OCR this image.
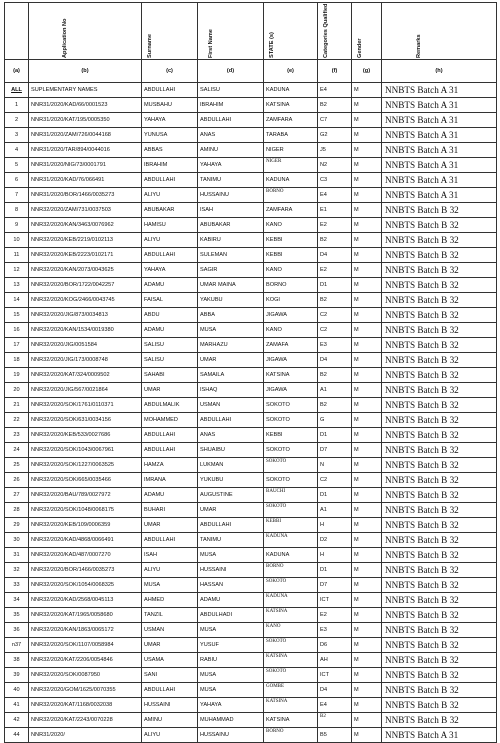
	Application No	Surname	First Name	STATE (s)	Categories Qualified	Gender	Remarks
(a)	(b)	(c)	(d)	(e)	(f)	(g)	(h)
ALL	SUPLEMENTARY NAMES	ABDULLAHI	SALISU	KADUNA	E4	M	NNBTS Batch A 31
1	NNR31/2020/KAD/66/0001523	MUSBAHU	IBRAHIM	KATSINA	B2	M	NNBTS Batch A 31
2	NNR31/2020/KAT/195/0005350	YAHAYA	ABDULLAHI	ZAMFARA	C7	M	NNBTS Batch A 31
3	NNR31/2020/ZAM/726/0044168	YUNUSA	ANAS	TARABA	G2	M	NNBTS Batch A 31
4	NNR31/2020/TAR/894/0044016	ABBAS	AMINU	NIGER	J5	M	NNBTS Batch A 31
5	NNR31/2020/NIG/73/0001791	IBRAHIM	YAHAYA	NIGER	N2	M	NNBTS Batch A 31
6	NNR31/2020/KAD/76/066491	ABDULLAHI	TANIMU	KADUNA	C3	M	NNBTS Batch A 31
7	NNR31/2020/BOR/1466/0035273	ALIYU	HUSSAINU	BORNO	E4	M	NNBTS Batch A 31
8	NNR32/2020/ZAM/731/0037503	ABUBAKAR	ISAH	ZAMFARA	E1	M	NNBTS Batch B 32
9	NNR32/2020/KAN/3463/0076962	HAMISU	ABUBAKAR	KANO	E2	M	NNBTS Batch B 32
10	NNR32/2020/KEB/2219/0102113	ALIYU	KABIRU	KEBBI	B2	M	NNBTS Batch B 32
11	NNR32/2020/KEB/2223/0102171	ABDULLAHI	SULEMAN	KEBBI	D4	M	NNBTS Batch B 32
12	NNR32/2020/KAN/2073/0043625	YAHAYA	SAGIR	KANO	E2	M	NNBTS Batch B 32
13	NNR32/2020/BOR/1722/0042257	ADAMU	UMAR MAINA	BORNO	D1	M	NNBTS Batch B 32
14	NNR32/2020/KOG/2466/0043745	FAISAL	YAKUBU	KOGI	B2	M	NNBTS Batch B 32
15	NNR32/2020/JIG/873/0034813	ABDU	ABBA	JIGAWA	C2	M	NNBTS Batch B 32
16	NNR32/2020/KAN/1534/0019380	ADAMU	MUSA	KANO	C2	M	NNBTS Batch B 32
17	NNR32/2020/JIG/0051584	SALISU	MARHAZU	ZAMAFA	E3	M	NNBTS Batch B 32
18	NNR32/2020/JIG/173/0008748	SALISU	UMAR	JIGAWA	D4	M	NNBTS Batch B 32
19	NNR32/2020/KAT/324/0009502	SAHABI	SAMAILA	KATSINA	B2	M	NNBTS Batch B 32
20	NNR32/2020/JIG/567/0021864	UMAR	ISHAQ	JIGAWA	A1	M	NNBTS Batch B 32
21	NNR32/2020/SOK/1761/0110371	ABDULMALIK	USMAN	SOKOTO	B2	M	NNBTS Batch B 32
22	NNR32/2020/SOK/631/0034156	MOHAMMED	ABDULLAHI	SOKOTO	G	M	NNBTS Batch B 32
23	NNR32/2020/KEB/533/0027686	ABDULLAHI	ANAS	KEBBI	D1	M	NNBTS Batch B 32
24	NNR32/2020/SOK/1043/0067961	ABDULLAHI	SHUAIBU	SOKOTO	D7	M	NNBTS Batch B 32
25	NNR32/2020/SOK/1227/0063525	HAMZA	LUKMAN	SOKOTO	N	M	NNBTS Batch B 32
26	NNR32/2020/SOK/665/0035466	IMRANA	YUKUBU	SOKOTO	C2	M	NNBTS Batch B 32
27	NNR32/2020/BAU/789/0027972	ADAMU	AUGUSTINE	BAUCHI	D1	M	NNBTS Batch B 32
28	NNR32/2020/SOK/1048/0068175	BUHARI	UMAR	SOKOTO	A1	M	NNBTS Batch B 32
29	NNR32/2020/KEB/109/0006359	UMAR	ABDULLAHI	KEBBI	H	M	NNBTS Batch B 32
30	NNR32/2020/KAD/4868/0066491	ABDULLAHI	TANIMU	KADUNA	D2	M	NNBTS Batch B 32
31	NNR32/2020/KAD/487/0007270	ISAH	MUSA	KADUNA	H	M	NNBTS Batch B 32
32	NNR32/2020/BOR/1466/0035273	ALIYU	HUSSAINI	BORNO	D1	M	NNBTS Batch B 32
33	NNR32/2020/SOK/1054/0068325	MUSA	HASSAN	SOKOTO	D7	M	NNBTS Batch B 32
34	NNR32/2020/KAD/2568/0045113	AHMED	ADAMU	KADUNA	ICT	M	NNBTS Batch B 32
35	NNR32/2020/KAT/1965/0058680	TANZIL	ABDULHADI	KATSINA	E2	M	NNBTS Batch B 32
36	NNR32/2020/KAN/1863/0065172	USMAN	MUSA	KANO	E3	M	NNBTS Batch B 32
n37	NNR32/2020/SOK/1107/0058984	UMAR	YUSUF	SOKOTO	D6	M	NNBTS Batch B 32
38	NNR32/2020/KAT/2206/0054846	USAMA	RABIU	KATSINA	AH	M	NNBTS Batch B 32
39	NNR32/2020/SOK/0087950	SANI	MUSA	SOKOTO	ICT	M	NNBTS Batch B 32
40	NNR32/2020/GOM/1625/0070355	ABDULLAHI	MUSA	GOMBE	D4	M	NNBTS Batch B 32
41	NNR32/2020/KAT/1168/0032038	HUSSAINI	YAHAYA	KATSINA	E4	M	NNBTS Batch B 32
42	NNR32/2020/KAT/2243/0070228	AMINU	MUHAMMAD	KATSINA	B2	M	NNBTS Batch B 32
44	NNR31/2020/	ALIYU	HUSSAINU	BORNO	B5	M	NNBTS Batch A 31
